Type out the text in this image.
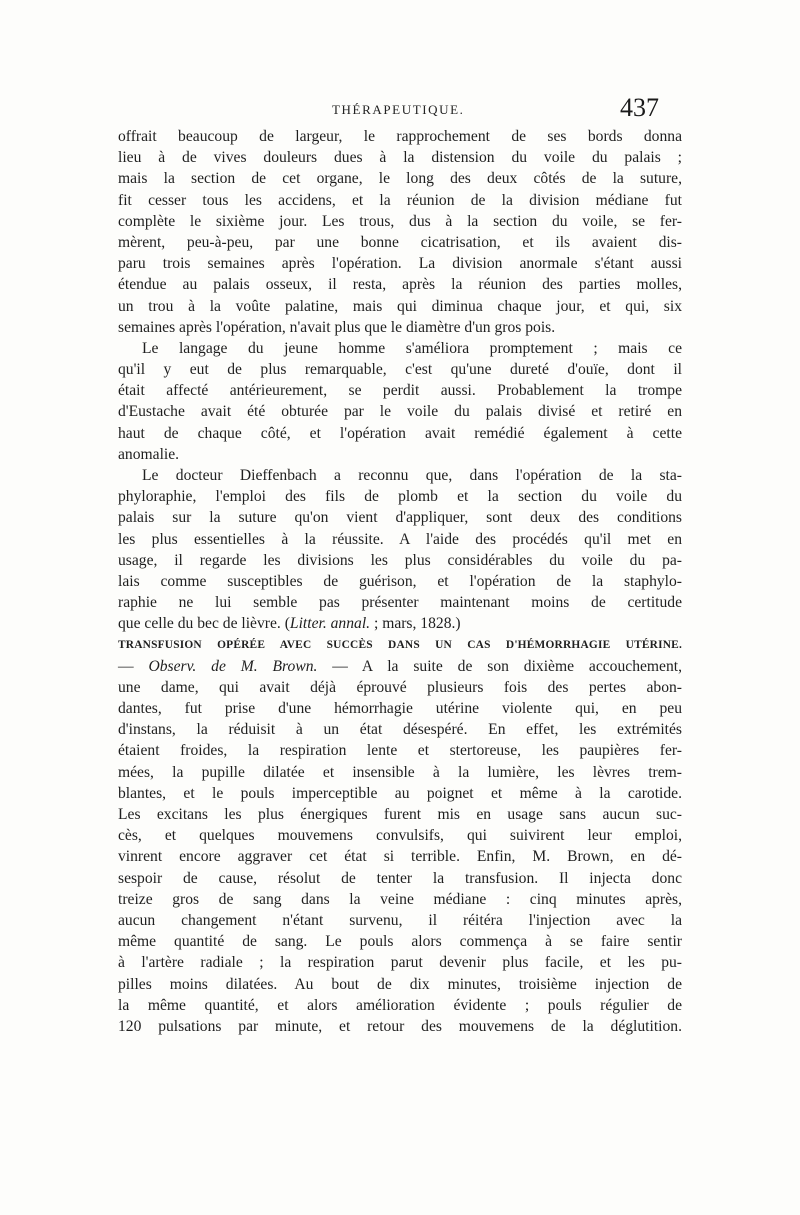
THÉRAPEUTIQUE.	437
offrait beaucoup de largeur, le rapprochement de ses bords donna
lieu à de vives douleurs dues à la distension du voile du palais ;
mais la section de cet organe, le long des deux côtés de la suture,
fit cesser tous les accidens, et la réunion de la division médiane fut
complète le sixième jour. Les trous, dus à la section du voile, se fer-
mèrent, peu-à-peu, par une bonne cicatrisation, et ils avaient dis-
paru trois semaines après l'opération. La division anormale s'étant aussi
étendue au palais osseux, il resta, après la réunion des parties molles,
un trou à la voûte palatine, mais qui diminua chaque jour, et qui, six
semaines après l'opération, n'avait plus que le diamètre d'un gros pois.
Le langage du jeune homme s'améliora promptement ; mais ce
qu'il y eut de plus remarquable, c'est qu'une dureté d'ouïe, dont il
était affecté antérieurement, se perdit aussi. Probablement la trompe
d'Eustache avait été obturée par le voile du palais divisé et retiré en
haut de chaque côté, et l'opération avait remédié également à cette
anomalie.
Le docteur Dieffenbach a reconnu que, dans l'opération de la sta-
phyloraphie, l'emploi des fils de plomb et la section du voile du
palais sur la suture qu'on vient d'appliquer, sont deux des conditions
les plus essentielles à la réussite. A l'aide des procédés qu'il met en
usage, il regarde les divisions les plus considérables du voile du pa-
lais comme susceptibles de guérison, et l'opération de la staphylo-
raphie ne lui semble pas présenter maintenant moins de certitude
que celle du bec de lièvre. (Litter. annal. ; mars, 1828.)
TRANSFUSION OPÉRÉE AVEC SUCCÈS DANS UN CAS D'HÉMORRHAGIE UTÉRINE.
— Observ. de M. Brown. — A la suite de son dixième accouchement,
une dame, qui avait déjà éprouvé plusieurs fois des pertes abon-
dantes, fut prise d'une hémorrhagie utérine violente qui, en peu
d'instans, la réduisit à un état désespéré. En effet, les extrémités
étaient froides, la respiration lente et stertoreuse, les paupières fer-
mées, la pupille dilatée et insensible à la lumière, les lèvres trem-
blantes, et le pouls imperceptible au poignet et même à la carotide.
Les excitans les plus énergiques furent mis en usage sans aucun suc-
cès, et quelques mouvemens convulsifs, qui suivirent leur emploi,
vinrent encore aggraver cet état si terrible. Enfin, M. Brown, en dé-
sespoir de cause, résolut de tenter la transfusion. Il injecta donc
treize gros de sang dans la veine médiane : cinq minutes après,
aucun changement n'étant survenu, il réitéra l'injection avec la
même quantité de sang. Le pouls alors commença à se faire sentir
à l'artère radiale ; la respiration parut devenir plus facile, et les pu-
pilles moins dilatées. Au bout de dix minutes, troisième injection de
la même quantité, et alors amélioration évidente ; pouls régulier de
120 pulsations par minute, et retour des mouvemens de la déglutition.
